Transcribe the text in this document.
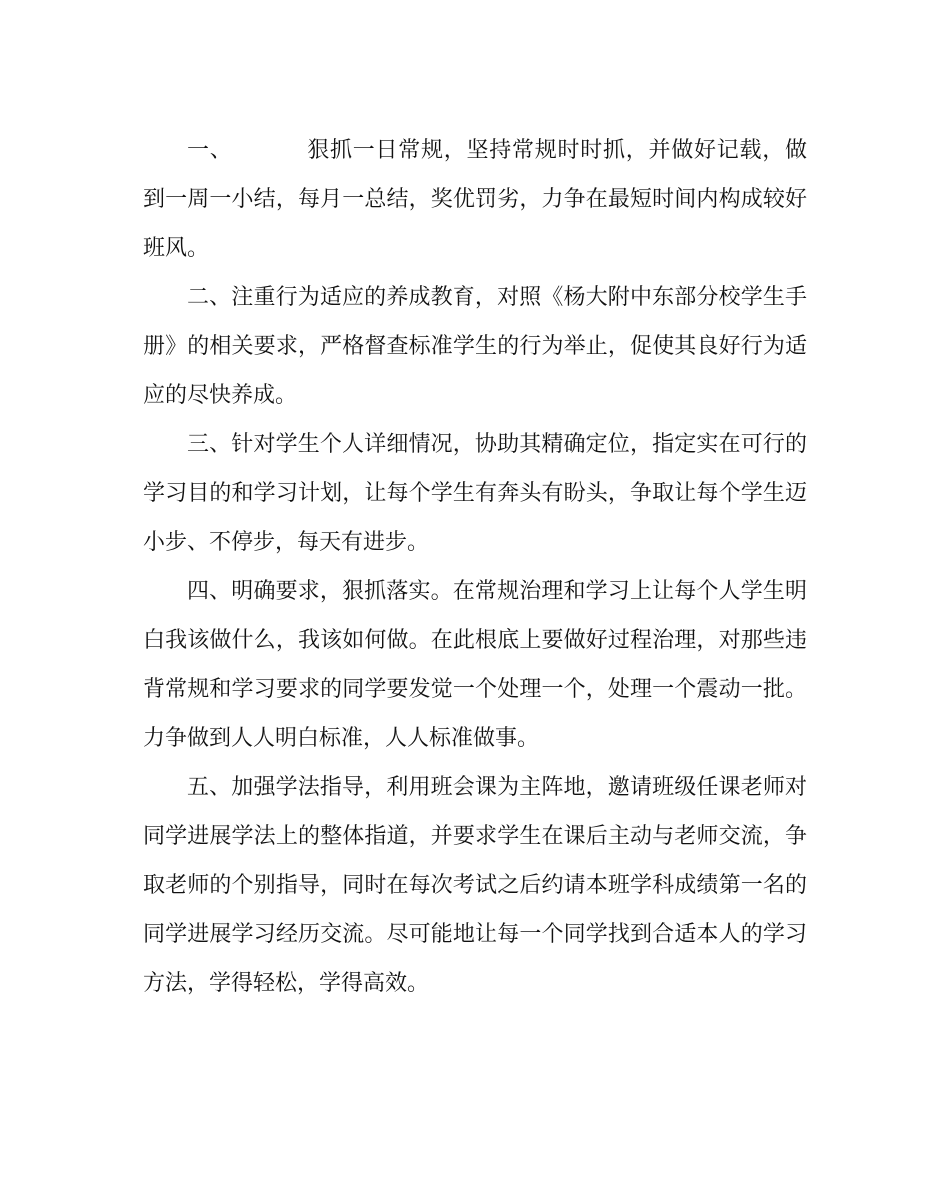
一、	狠抓一日常规，坚持常规时时抓，并做好记载，做到一周一小结，每月一总结，奖优罚劣，力争在最短时间内构成较好班风。

二、注重行为适应的养成教育，对照《杨大附中东部分校学生手册》的相关要求，严格督查标准学生的行为举止，促使其良好行为适应的尽快养成。

三、针对学生个人详细情况，协助其精确定位，指定实在可行的学习目的和学习计划，让每个学生有奔头有盼头，争取让每个学生迈小步、不停步，每天有进步。

四、明确要求，狠抓落实。在常规治理和学习上让每个人学生明白我该做什么，我该如何做。在此根底上要做好过程治理，对那些违背常规和学习要求的同学要发觉一个处理一个，处理一个震动一批。力争做到人人明白标准，人人标准做事。

五、加强学法指导，利用班会课为主阵地，邀请班级任课老师对同学进展学法上的整体指道，并要求学生在课后主动与老师交流，争取老师的个别指导，同时在每次考试之后约请本班学科成绩第一名的同学进展学习经历交流。尽可能地让每一个同学找到合适本人的学习方法，学得轻松，学得高效。
